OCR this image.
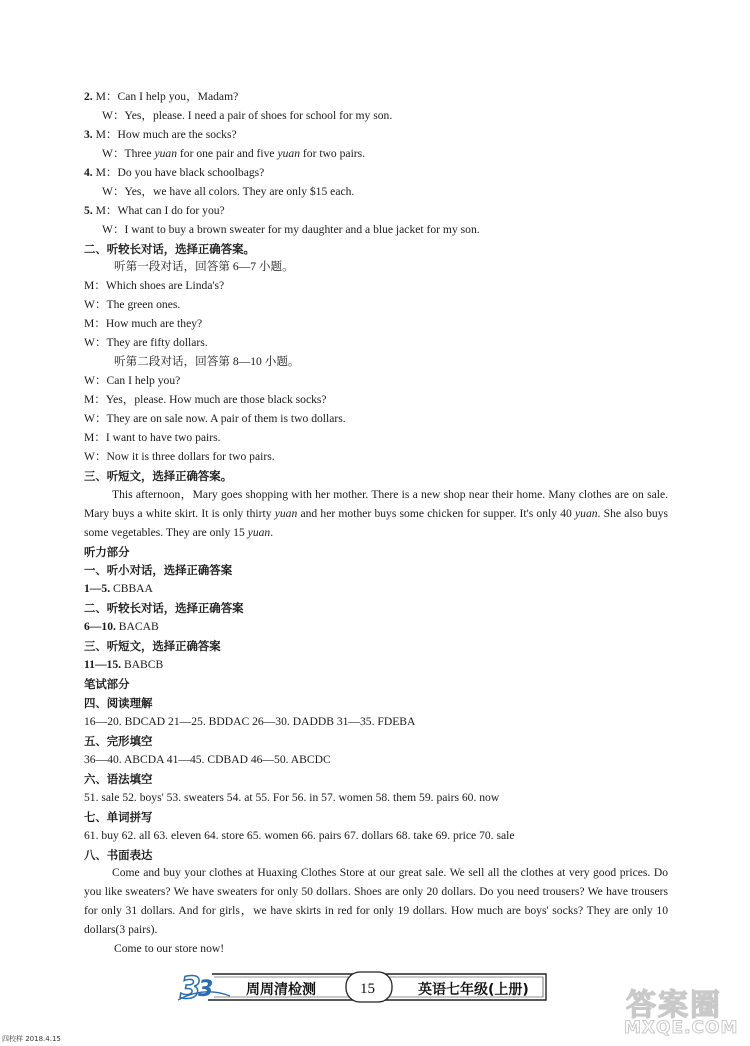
2. M：Can I help you，Madam?
W：Yes，please. I need a pair of shoes for school for my son.
3. M：How much are the socks?
W：Three yuan for one pair and five yuan for two pairs.
4. M：Do you have black schoolbags?
W：Yes，we have all colors. They are only $15 each.
5. M：What can I do for you?
W：I want to buy a brown sweater for my daughter and a blue jacket for my son.
二、听较长对话，选择正确答案。
听第一段对话，回答第 6—7 小题。
M：Which shoes are Linda's?
W：The green ones.
M：How much are they?
W：They are fifty dollars.
听第二段对话，回答第 8—10 小题。
W：Can I help you?
M：Yes，please. How much are those black socks?
W：They are on sale now. A pair of them is two dollars.
M：I want to have two pairs.
W：Now it is three dollars for two pairs.
三、听短文，选择正确答案。
This afternoon，Mary goes shopping with her mother. There is a new shop near their home. Many clothes are on sale. Mary buys a white skirt. It is only thirty yuan and her mother buys some chicken for supper. It's only 40 yuan. She also buys some vegetables. They are only 15 yuan.
听力部分
一、听小对话，选择正确答案
1—5. CBBAA
二、听较长对话，选择正确答案
6—10. BACAB
三、听短文，选择正确答案
11—15. BABCB
笔试部分
四、阅读理解
16—20. BDCAD 21—25. BDDAC 26—30. DADDB 31—35. FDEBA
五、完形填空
36—40. ABCDA 41—45. CDBAD 46—50. ABCDC
六、语法填空
51. sale 52. boys' 53. sweaters 54. at 55. For 56. in 57. women 58. them 59. pairs 60. now
七、单词拼写
61. buy 62. all 63. eleven 64. store 65. women 66. pairs 67. dollars 68. take 69. price 70. sale
八、书面表达
Come and buy your clothes at Huaxing Clothes Store at our great sale. We sell all the clothes at very good prices. Do you like sweaters? We have sweaters for only 50 dollars. Shoes are only 20 dollars. Do you need trousers? We have trousers for only 31 dollars. And for girls，we have skirts in red for only 19 dollars. How much are boys' socks? They are only 10 dollars(3 pairs).
Come to our store now!
3
3 周周清检测	15	英语七年级(上册)
四校样 2018.4.15
答案圈
MXQE.COM
